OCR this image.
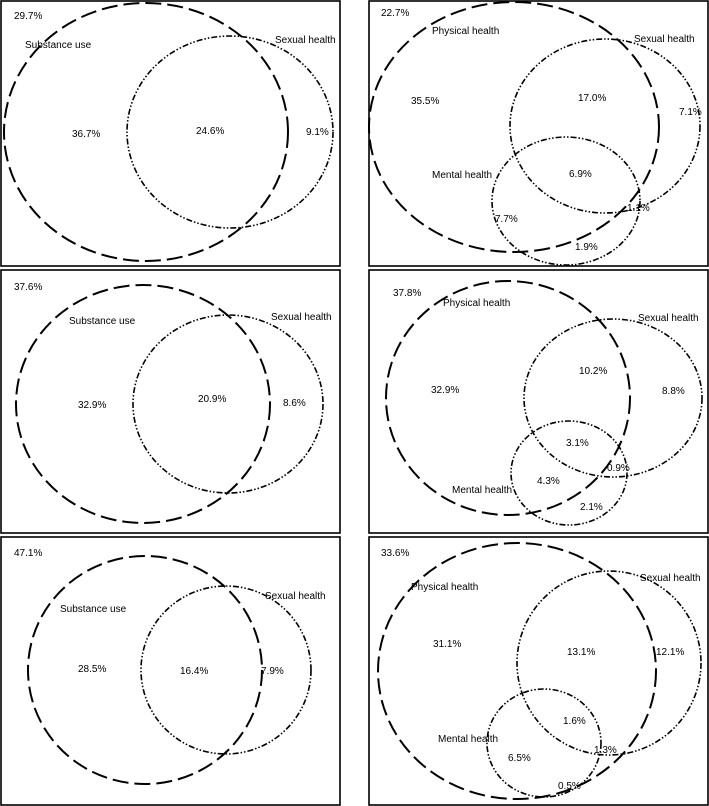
29.7%
Substance use	Sexual health
36.7%	24.6%	9.1%
22.7%
Physical health
Sexual health
Mental health
35.5%	17.0%
7.1%
6.9%
1.1%
7.7%
1.9%
37.6%
Substance use	Sexual health
32.9%
20.9%	8.6%
37.8%
Physical health
Sexual health
Mental health
32.9%
10.2%
8.8%
3.1%
0.9%
4.3%
2.1%
47.1%
Substance use
Sexual health
28.5%	16.4%	7.9%
33.6%
Physical health
Sexual health
Mental health
31.1%
13.1%	12.1%
1.6%
1.3%
6.5%
0.5%
